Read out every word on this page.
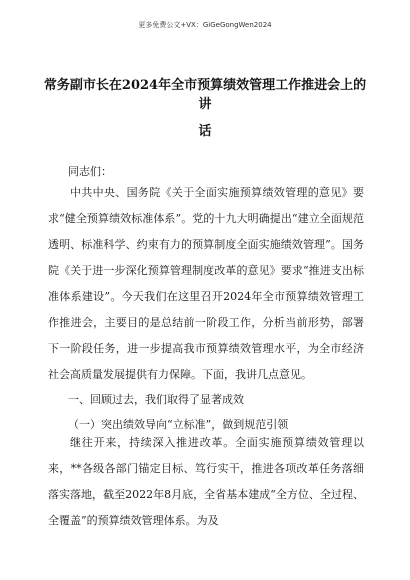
更多免费公文+VX：GiGeGongWen2024
常务副市长在2024年全市预算绩效管理工作推进会上的讲
话
同志们：

中共中央、国务院《关于全面实施预算绩效管理的意见》要求“健全预算绩效标准体系”。党的十九大明确提出“建立全面规范透明、标准科学、约束有力的预算制度全面实施绩效管理”。国务院《关于进一步深化预算管理制度改革的意见》要求“推进支出标准体系建设”。今天我们在这里召开2024年全市预算绩效管理工作推进会，主要目的是总结前一阶段工作，分析当前形势，部署下一阶段任务，进一步提高我市预算绩效管理水平，为全市经济社会高质量发展提供有力保障。下面，我讲几点意见。

一、回顾过去，我们取得了显著成效
（一）突出绩效导向“立标准”，做到规范引领

继往开来，持续深入推进改革。全面实施预算绩效管理以来，**各级各部门锚定目标、笃行实干，推进各项改革任务落细落实落地，截至2022年8月底，全省基本建成“全方位、全过程、全覆盖”的预算绩效管理体系。为及
